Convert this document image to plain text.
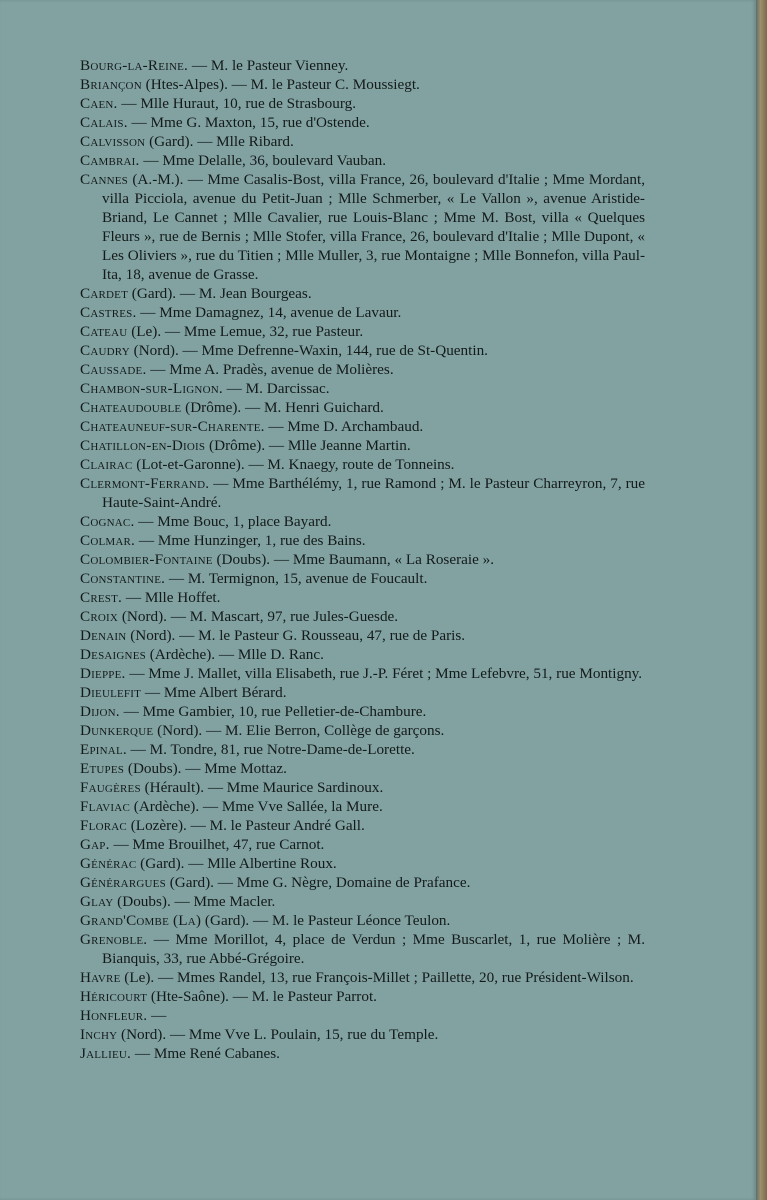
Bourg-la-Reine. — M. le Pasteur Vienney.
Briançon (Htes-Alpes). — M. le Pasteur C. Moussiegt.
Caen. — Mlle Huraut, 10, rue de Strasbourg.
Calais. — Mme G. Maxton, 15, rue d'Ostende.
Calvisson (Gard). — Mlle Ribard.
Cambrai. — Mme Delalle, 36, boulevard Vauban.
Cannes (A.-M.). — Mme Casalis-Bost, villa France, 26, boulevard d'Italie ; Mme Mordant, villa Picciola, avenue du Petit-Juan ; Mlle Schmerber, « Le Vallon », avenue Aristide-Briand, Le Cannet ; Mlle Cavalier, rue Louis-Blanc ; Mme M. Bost, villa « Quelques Fleurs », rue de Bernis ; Mlle Stofer, villa France, 26, boulevard d'Italie ; Mlle Dupont, « Les Oliviers », rue du Titien ; Mlle Muller, 3, rue Montaigne ; Mlle Bonnefon, villa Paul-Ita, 18, avenue de Grasse.
Cardet (Gard). — M. Jean Bourgeas.
Castres. — Mme Damagnez, 14, avenue de Lavaur.
Cateau (Le). — Mme Lemue, 32, rue Pasteur.
Caudry (Nord). — Mme Defrenne-Waxin, 144, rue de St-Quentin.
Caussade. — Mme A. Pradès, avenue de Molières.
Chambon-sur-Lignon. — M. Darcissac.
Chateaudouble (Drôme). — M. Henri Guichard.
Chateauneuf-sur-Charente. — Mme D. Archambaud.
Chatillon-en-Diois (Drôme). — Mlle Jeanne Martin.
Clairac (Lot-et-Garonne). — M. Knaegy, route de Tonneins.
Clermont-Ferrand. — Mme Barthélémy, 1, rue Ramond ; M. le Pasteur Charreyron, 7, rue Haute-Saint-André.
Cognac. — Mme Bouc, 1, place Bayard.
Colmar. — Mme Hunzinger, 1, rue des Bains.
Colombier-Fontaine (Doubs). — Mme Baumann, « La Roseraie ».
Constantine. — M. Termignon, 15, avenue de Foucault.
Crest. — Mlle Hoffet.
Croix (Nord). — M. Mascart, 97, rue Jules-Guesde.
Denain (Nord). — M. le Pasteur G. Rousseau, 47, rue de Paris.
Desaignes (Ardèche). — Mlle D. Ranc.
Dieppe. — Mme J. Mallet, villa Elisabeth, rue J.-P. Féret ; Mme Lefebvre, 51, rue Montigny.
Dieulefit — Mme Albert Bérard.
Dijon. — Mme Gambier, 10, rue Pelletier-de-Chambure.
Dunkerque (Nord). — M. Elie Berron, Collège de garçons.
Epinal. — M. Tondre, 81, rue Notre-Dame-de-Lorette.
Etupes (Doubs). — Mme Mottaz.
Faugères (Hérault). — Mme Maurice Sardinoux.
Flaviac (Ardèche). — Mme Vve Sallée, la Mure.
Florac (Lozère). — M. le Pasteur André Gall.
Gap. — Mme Brouilhet, 47, rue Carnot.
Générac (Gard). — Mlle Albertine Roux.
Générargues (Gard). — Mme G. Nègre, Domaine de Prafance.
Glay (Doubs). — Mme Macler.
Grand'Combe (La) (Gard). — M. le Pasteur Léonce Teulon.
Grenoble. — Mme Morillot, 4, place de Verdun ; Mme Buscarlet, 1, rue Molière ; M. Bianquis, 33, rue Abbé-Grégoire.
Havre (Le). — Mmes Randel, 13, rue François-Millet ; Paillette, 20, rue Président-Wilson.
Héricourt (Hte-Saône). — M. le Pasteur Parrot.
Honfleur. —
Inchy (Nord). — Mme Vve L. Poulain, 15, rue du Temple.
Jallieu. — Mme René Cabanes.
